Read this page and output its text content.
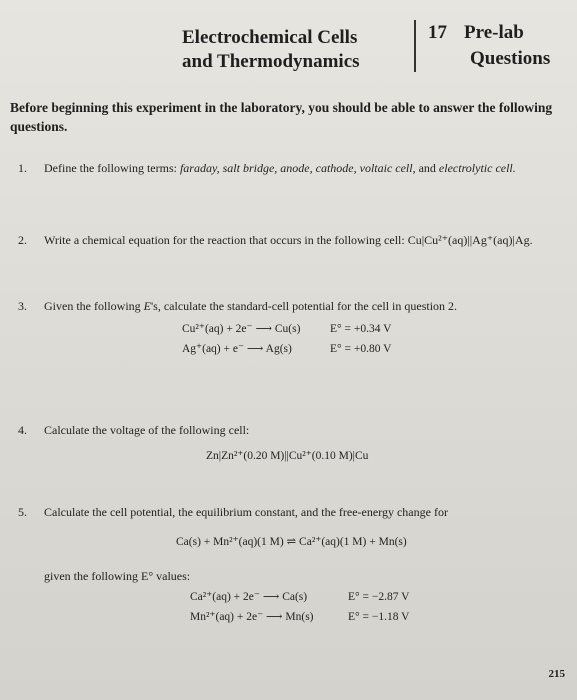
Electrochemical Cells
and Thermodynamics
17 Pre-lab
Questions
Before beginning this experiment in the laboratory, you should be able to answer the following questions.
1. Define the following terms: faraday, salt bridge, anode, cathode, voltaic cell, and electrolytic cell.
2. Write a chemical equation for the reaction that occurs in the following cell: Cu|Cu²⁺(aq)||Ag⁺(aq)|Ag.
3. Given the following E's, calculate the standard-cell potential for the cell in question 2.
Cu²⁺(aq) + 2e⁻ ⟶ Cu(s)	E° = +0.34 V
Ag⁺(aq) + e⁻ ⟶ Ag(s)	E° = +0.80 V
4. Calculate the voltage of the following cell:
Zn|Zn²⁺(0.20 M)||Cu²⁺(0.10 M)|Cu
5. Calculate the cell potential, the equilibrium constant, and the free-energy change for
Ca(s) + Mn²⁺(aq)(1 M) ⇌ Ca²⁺(aq)(1 M) + Mn(s)
given the following E° values:
Ca²⁺(aq) + 2e⁻ ⟶ Ca(s)	E° = −2.87 V
Mn²⁺(aq) + 2e⁻ ⟶ Mn(s)	E° = −1.18 V
215
